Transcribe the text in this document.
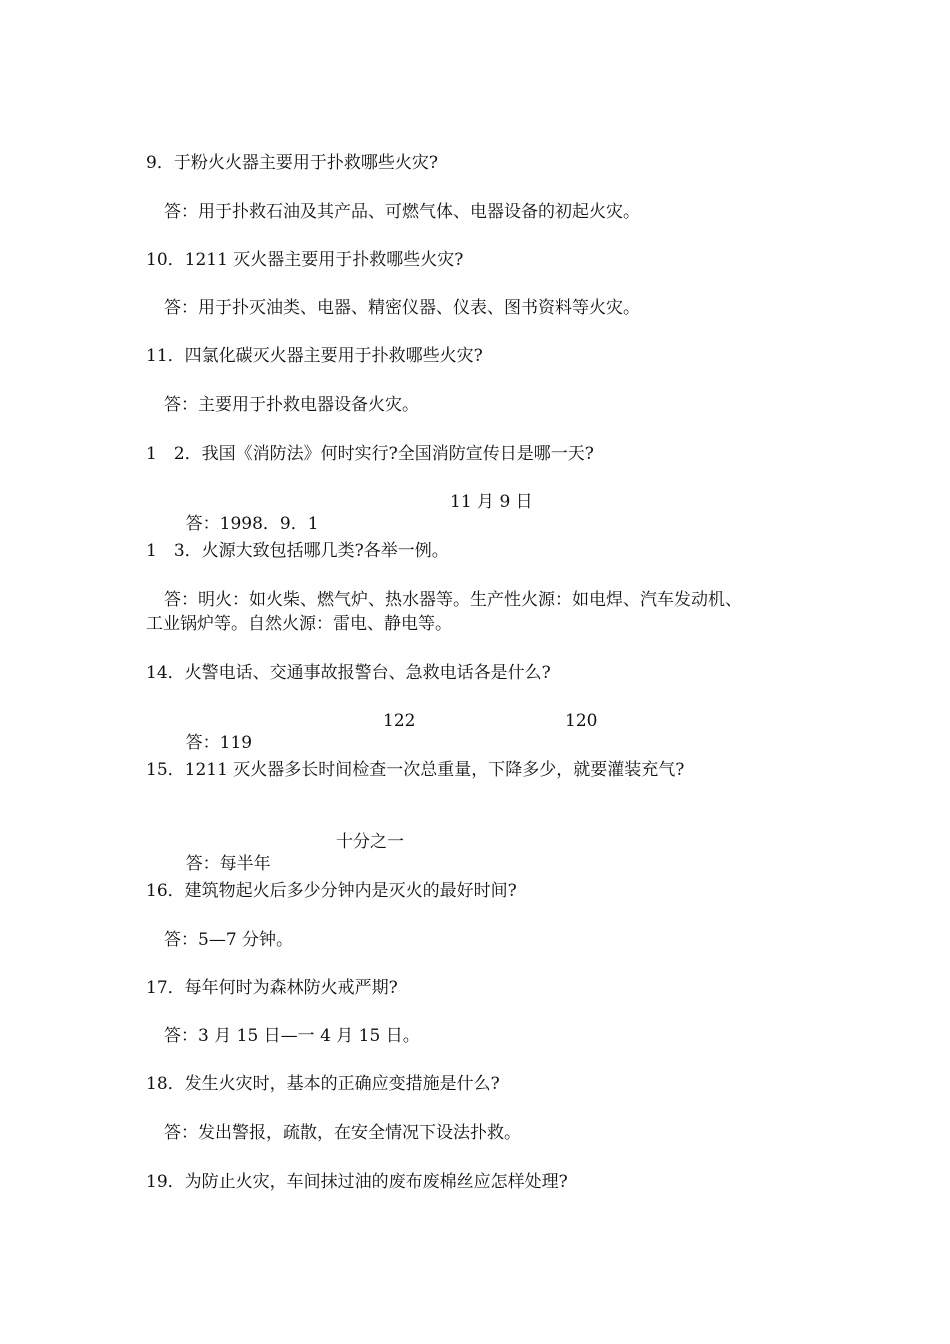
9．于粉火火器主要用于扑救哪些火灾?
答：用于扑救石油及其产品、可燃气体、电器设备的初起火灾。
10．1211 灭火器主要用于扑救哪些火灾?
答：用于扑灭油类、电器、精密仪器、仪表、图书资料等火灾。
11．四氯化碳灭火器主要用于扑救哪些火灾?
答：主要用于扑救电器设备火灾。
1　2．我国《消防法》何时实行?全国消防宣传日是哪一天?

答：1998．9．1

11 月 9 日

1　3．火源大致包括哪几类?各举一例。
答：明火：如火柴、燃气炉、热水器等。生产性火源：如电焊、汽车发动机、
工业锅炉等。自然火源：雷电、静电等。
14．火警电话、交通事故报警台、急救电话各是什么?

答：119

122

	120

15．1211 灭火器多长时间检查一次总重量，下降多少，就要灌装充气?

答：每半年

十分之一

16．建筑物起火后多少分钟内是灭火的最好时间?
答：5—7 分钟。
17．每年何时为森林防火戒严期?
答：3 月 15 日—一 4 月 15 日。
18．发生火灾时，基本的正确应变措施是什么?
答：发出警报，疏散，在安全情况下设法扑救。
19．为防止火灾，车间抹过油的废布废棉丝应怎样处理?
